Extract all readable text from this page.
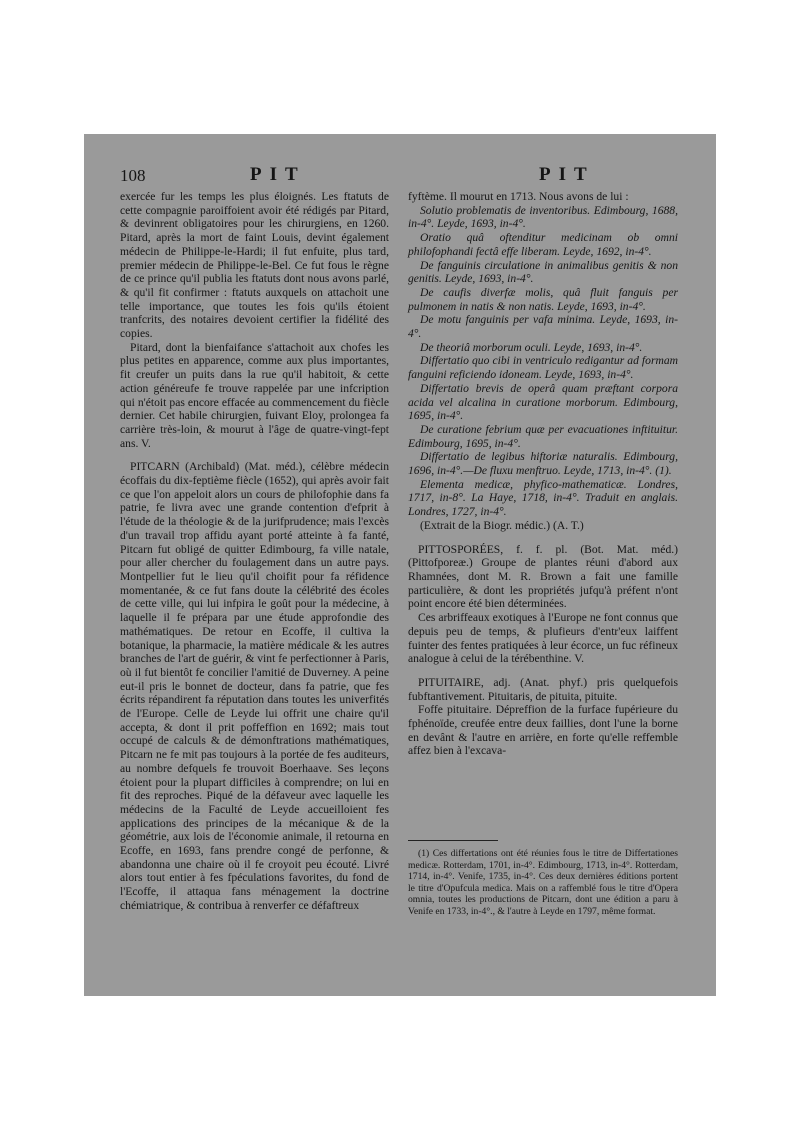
108	PIT	PIT

exercée fur les temps les plus éloignés. Les ftatuts de cette compagnie paroiffoient avoir été rédigés par Pitard, & devinrent obligatoires pour les chirurgiens, en 1260. Pitard, après la mort de faint Louis, devint également médecin de Philippe-le-Hardi; il fut enfuite, plus tard, premier médecin de Philippe-le-Bel. Ce fut fous le règne de ce prince qu'il publia les ftatuts dont nous avons parlé, & qu'il fit confirmer : ftatuts auxquels on attachoit une telle importance, que toutes les fois qu'ils étoient tranfcrits, des notaires devoient certifier la fidélité des copies.

Pitard, dont la bienfaifance s'attachoit aux chofes les plus petites en apparence, comme aux plus importantes, fit creufer un puits dans la rue qu'il habitoit, & cette action généreufe fe trouve rappelée par une infcription qui n'étoit pas encore effacée au commencement du fiècle dernier. Cet habile chirurgien, fuivant Eloy, prolongea fa carrière très-loin, & mourut à l'âge de quatre-vingt-fept ans. V.

PITCARN (Archibald) (Mat. méd.), célèbre médecin écoffais du dix-feptième fiècle (1652), qui après avoir fait ce que l'on appeloit alors un cours de philofophie dans fa patrie, fe livra avec une grande contention d'efprit à l'étude de la théologie & de la jurifprudence; mais l'excès d'un travail trop affidu ayant porté atteinte à fa fanté, Pitcarn fut obligé de quitter Edimbourg, fa ville natale, pour aller chercher du foulagement dans un autre pays. Montpellier fut le lieu qu'il choifit pour fa réfidence momentanée, & ce fut fans doute la célébrité des écoles de cette ville, qui lui infpira le goût pour la médecine, à laquelle il fe prépara par une étude approfondie des mathématiques. De retour en Ecoffe, il cultiva la botanique, la pharmacie, la matière médicale & les autres branches de l'art de guérir, & vint fe perfectionner à Paris, où il fut bientôt fe concilier l'amitié de Duverney. A peine eut-il pris le bonnet de docteur, dans fa patrie, que fes écrits répandirent fa réputation dans toutes les univerfités de l'Europe. Celle de Leyde lui offrit une chaire qu'il accepta, & dont il prit poffeffion en 1692; mais tout occupé de calculs & de démonftrations mathématiques, Pitcarn ne fe mit pas toujours à la portée de fes auditeurs, au nombre defquels fe trouvoit Boerhaave. Ses leçons étoient pour la plupart difficiles à comprendre; on lui en fit des reproches. Piqué de la défaveur avec laquelle les médecins de la Faculté de Leyde accueilloient fes applications des principes de la mécanique & de la géométrie, aux lois de l'économie animale, il retourna en Ecoffe, en 1693, fans prendre congé de perfonne, & abandonna une chaire où il fe croyoit peu écouté. Livré alors tout entier à fes fpéculations favorites, du fond de l'Ecoffe, il attaqua fans ménagement la doctrine chémiatrique, & contribua à renverfer ce défaftreux

fyftème. Il mourut en 1713. Nous avons de lui :

Solutio problematis de inventoribus. Edimbourg, 1688, in-4°. Leyde, 1693, in-4°.

Oratio quâ oftenditur medicinam ob omni philofophandi fectâ effe liberam. Leyde, 1692, in-4°.

De fanguinis circulatione in animalibus genitis & non genitis. Leyde, 1693, in-4°.

De caufis diverfæ molis, quâ fluit fanguis per pulmonem in natis & non natis. Leyde, 1693, in-4°.

De motu fanguinis per vafa minima. Leyde, 1693, in-4°.

De theoriâ morborum oculi. Leyde, 1693, in-4°.

Differtatio quo cibi in ventriculo redigantur ad formam fanguini reficiendo idoneam. Leyde, 1693, in-4°.

Differtatio brevis de operâ quam præftant corpora acida vel alcalina in curatione morborum. Edimbourg, 1695, in-4°.

De curatione febrium quæ per evacuationes inftituitur. Edimbourg, 1695, in-4°.

Differtatio de legibus hiftoriæ naturalis. Edimbourg, 1696, in-4°.—De fluxu menftruo. Leyde, 1713, in-4°. (1).

Elementa medicæ, phyfico-mathematicæ. Londres, 1717, in-8°. La Haye, 1718, in-4°. Traduit en anglais. Londres, 1727, in-4°.

(Extrait de la Biogr. médic.) (A. T.)

PITTOSPORÉES, f. f. pl. (Bot. Mat. méd.) (Pittofporeæ.) Groupe de plantes réuni d'abord aux Rhamnées, dont M. R. Brown a fait une famille particulière, & dont les propriétés jufqu'à préfent n'ont point encore été bien déterminées.

Ces arbriffeaux exotiques à l'Europe ne font connus que depuis peu de temps, & plufieurs d'entr'eux laiffent fuinter des fentes pratiquées à leur écorce, un fuc réfineux analogue à celui de la térébenthine. V.

PITUITAIRE, adj. (Anat. phyf.) pris quelquefois fubftantivement. Pituitaris, de pituita, pituite.

Foffe pituitaire. Dépreffion de la furface fupérieure du fphénoïde, creufée entre deux faillies, dont l'une la borne en devânt & l'autre en arrière, en forte qu'elle reffemble affez bien à l'excava-

(1) Ces differtations ont été réunies fous le titre de Differtationes medicæ. Rotterdam, 1701, in-4°. Edimbourg, 1713, in-4°. Rotterdam, 1714, in-4°. Venife, 1735, in-4°. Ces deux dernières éditions portent le titre d'Opufcula medica. Mais on a raffemblé fous le titre d'Opera omnia, toutes les productions de Pitcarn, dont une édition a paru à Venife en 1733, in-4°., & l'autre à Leyde en 1797, même format.
